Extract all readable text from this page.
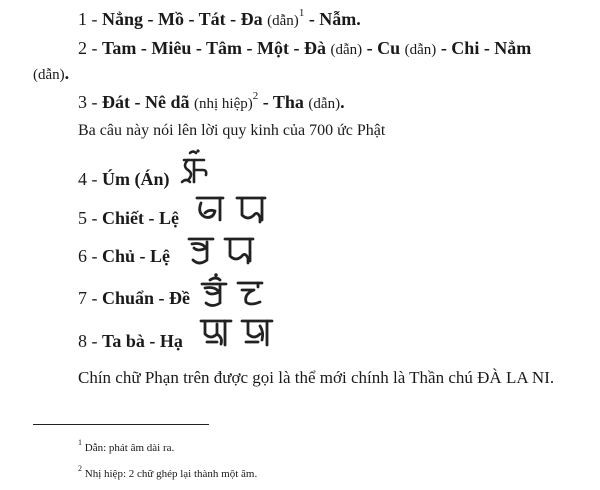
1 - Nẳng - Mồ - Tát - Đa (dẫn)$^1$ - Nẫm.
2 - Tam - Miêu - Tâm - Một - Đà (dẫn) - Cu (dẫn) - Chi - Nẳm
(dẫn).
3 - Đát - Nê dã (nhị hiệp)$^2$ - Tha (dẫn).
Ba câu này nói lên lời quy kinh của 700 ức Phật
4 - Úm (Án)
5 - Chiết - Lệ
6 - Chủ - Lệ
7 - Chuẩn - Đề
8 - Ta bà - Hạ
Chín chữ Phạn trên được gọi là thể mới chính là Thần chú ĐÀ LA NI.
$^1$ Dẫn: phát âm dài ra.
$^2$ Nhị hiệp: 2 chữ ghép lại thành một âm.
